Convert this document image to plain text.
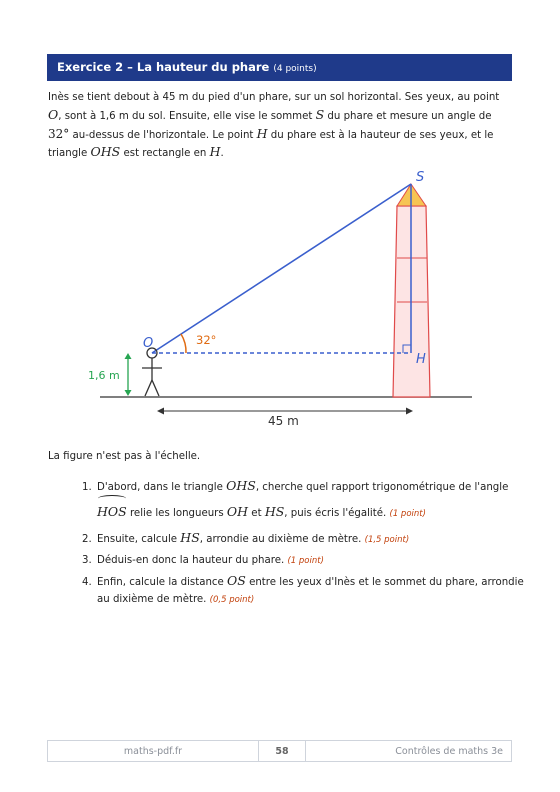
Exercice 2 – La hauteur du phare (4 points)

Inès se tient debout à 45 m du pied d'un phare, sur un sol horizontal. Ses yeux, au point O, sont à 1,6 m du sol. Ensuite, elle vise le sommet S du phare et mesure un angle de 32° au-dessus de l'horizontale. Le point H du phare est à la hauteur de ses yeux, et le triangle OHS est rectangle en H.

1,6 m
45 m
S
O
H
32°

La figure n'est pas à l'échelle.

1. D'abord, dans le triangle OHS, cherche quel rapport trigonométrique de l'angle
HOS relie les longueurs OH et HS, puis écris l'égalité. (1 point)
2. Ensuite, calcule HS, arrondie au dixième de mètre. (1,5 point)
3. Déduis-en donc la hauteur du phare. (1 point)
4. Enfin, calcule la distance OS entre les yeux d'Inès et le sommet du phare, arrondie au dixième de mètre. (0,5 point)
maths-pdf.fr	58	Contrôles de maths 3e
